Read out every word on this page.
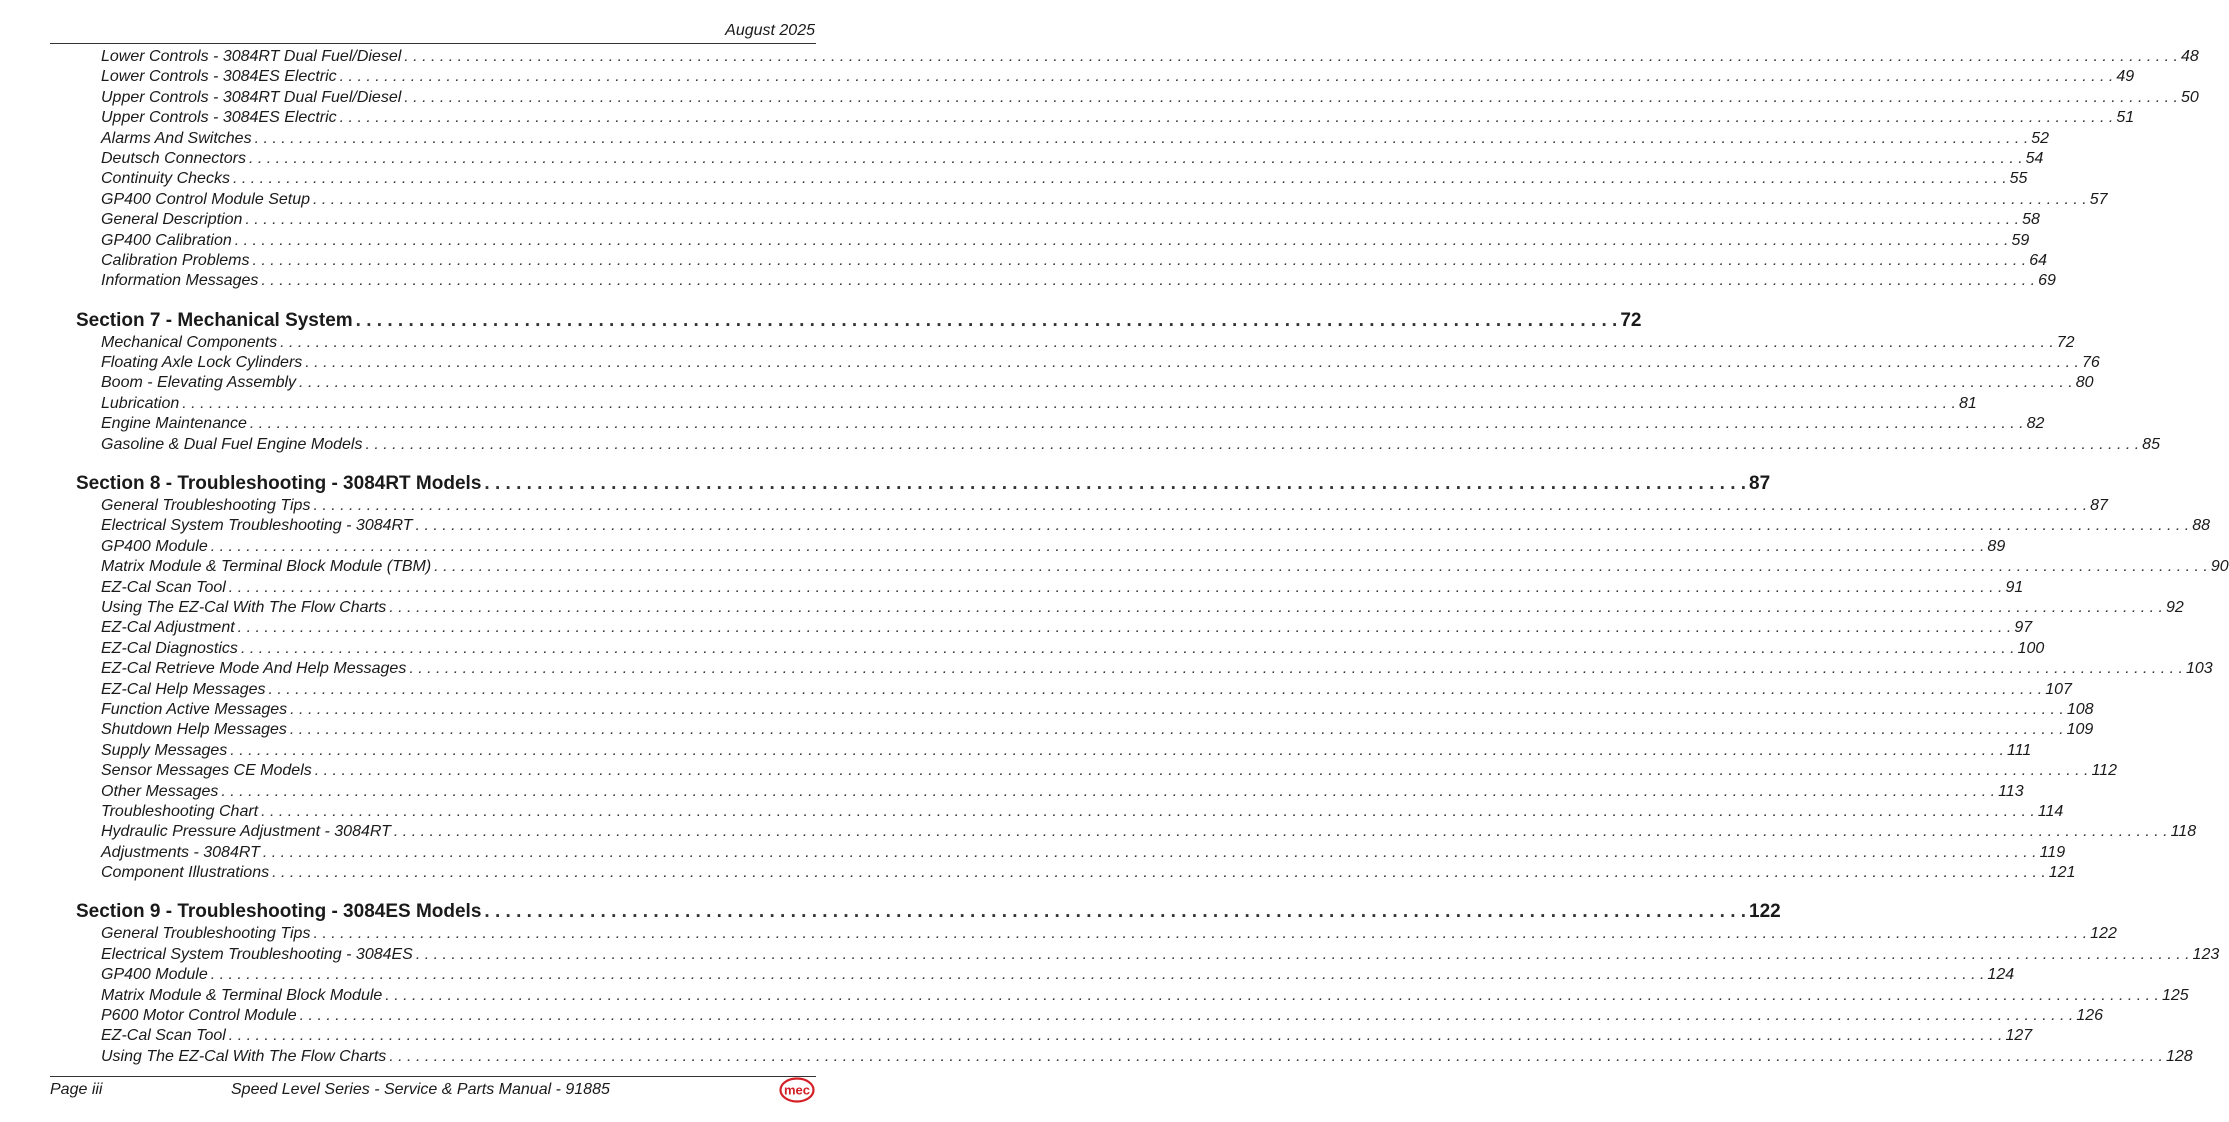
August 2025
Lower Controls - 3084RT Dual Fuel/Diesel . . . . . . . . . . . . . . . . . . . . . . . . . . . . . . . . . . . . . . . . . . . . . . . . . . . . . . . . . . . . . . . . . . . . . . . . . . . . . . . . . . . . . . . . . . . . . . . . . . . . . . . . . . . . . . . . . . . . . . . . . . . . . . . . . . . . . . . . . . . . . . . . . . . . . . . . . . . . . . . . . . . . . . . . . . . . . . . . . . . . . . . . . . . . . . . . . . . . . . . . 48
Lower Controls - 3084ES Electric . . . . . . . . . . . . . . . . . . . . . . . . . . . . . . . . . . . . . . . . . . . . . . . . . . . . . . . . . . . . . . . . . . . . . . . . . . . . . . . . . . . . . . . . . . . . . . . . . . . . . . . . . . . . . . . . . . . . . . . . . . . . . . . . . . . . . . . . . . . . . . . . . . . . . . . . . . . . . . . . . . . . . . . . . . . . . . . . . . . . . . . . . . . . . . . . . . . . . . . . 49
Upper Controls - 3084RT Dual Fuel/Diesel . . . . . . . . . . . . . . . . . . . . . . . . . . . . . . . . . . . . . . . . . . . . . . . . . . . . . . . . . . . . . . . . . . . . . . . . . . . . . . . . . . . . . . . . . . . . . . . . . . . . . . . . . . . . . . . . . . . . . . . . . . . . . . . . . . . . . . . . . . . . . . . . . . . . . . . . . . . . . . . . . . . . . . . . . . . . . . . . . . . . . . . . . . . . . . . . . . . . . . . . 50
Upper Controls - 3084ES Electric . . . . . . . . . . . . . . . . . . . . . . . . . . . . . . . . . . . . . . . . . . . . . . . . . . . . . . . . . . . . . . . . . . . . . . . . . . . . . . . . . . . . . . . . . . . . . . . . . . . . . . . . . . . . . . . . . . . . . . . . . . . . . . . . . . . . . . . . . . . . . . . . . . . . . . . . . . . . . . . . . . . . . . . . . . . . . . . . . . . . . . . . . . . . . . . . . . . . . . . . 51
Alarms And Switches . . . . . . . . . . . . . . . . . . . . . . . . . . . . . . . . . . . . . . . . . . . . . . . . . . . . . . . . . . . . . . . . . . . . . . . . . . . . . . . . . . . . . . . . . . . . . . . . . . . . . . . . . . . . . . . . . . . . . . . . . . . . . . . . . . . . . . . . . . . . . . . . . . . . . . . . . . . . . . . . . . . . . . . . . . . . . . . . . . . . . . . . . . . . . . . . . . . . . . . . 52
Deutsch Connectors . . . . . . . . . . . . . . . . . . . . . . . . . . . . . . . . . . . . . . . . . . . . . . . . . . . . . . . . . . . . . . . . . . . . . . . . . . . . . . . . . . . . . . . . . . . . . . . . . . . . . . . . . . . . . . . . . . . . . . . . . . . . . . . . . . . . . . . . . . . . . . . . . . . . . . . . . . . . . . . . . . . . . . . . . . . . . . . . . . . . . . . . . . . . . . . . . . . . . . . . 54
Continuity Checks . . . . . . . . . . . . . . . . . . . . . . . . . . . . . . . . . . . . . . . . . . . . . . . . . . . . . . . . . . . . . . . . . . . . . . . . . . . . . . . . . . . . . . . . . . . . . . . . . . . . . . . . . . . . . . . . . . . . . . . . . . . . . . . . . . . . . . . . . . . . . . . . . . . . . . . . . . . . . . . . . . . . . . . . . . . . . . . . . . . . . . . . . . . . . . . . . . . . . . . . 55
GP400 Control Module Setup . . . . . . . . . . . . . . . . . . . . . . . . . . . . . . . . . . . . . . . . . . . . . . . . . . . . . . . . . . . . . . . . . . . . . . . . . . . . . . . . . . . . . . . . . . . . . . . . . . . . . . . . . . . . . . . . . . . . . . . . . . . . . . . . . . . . . . . . . . . . . . . . . . . . . . . . . . . . . . . . . . . . . . . . . . . . . . . . . . . . . . . . . . . . . . . . . . . . . . . . 57
General Description . . . . . . . . . . . . . . . . . . . . . . . . . . . . . . . . . . . . . . . . . . . . . . . . . . . . . . . . . . . . . . . . . . . . . . . . . . . . . . . . . . . . . . . . . . . . . . . . . . . . . . . . . . . . . . . . . . . . . . . . . . . . . . . . . . . . . . . . . . . . . . . . . . . . . . . . . . . . . . . . . . . . . . . . . . . . . . . . . . . . . . . . . . . . . . . . . . . . . . . . 58
GP400 Calibration . . . . . . . . . . . . . . . . . . . . . . . . . . . . . . . . . . . . . . . . . . . . . . . . . . . . . . . . . . . . . . . . . . . . . . . . . . . . . . . . . . . . . . . . . . . . . . . . . . . . . . . . . . . . . . . . . . . . . . . . . . . . . . . . . . . . . . . . . . . . . . . . . . . . . . . . . . . . . . . . . . . . . . . . . . . . . . . . . . . . . . . . . . . . . . . . . . . . . . . . 59
Calibration Problems . . . . . . . . . . . . . . . . . . . . . . . . . . . . . . . . . . . . . . . . . . . . . . . . . . . . . . . . . . . . . . . . . . . . . . . . . . . . . . . . . . . . . . . . . . . . . . . . . . . . . . . . . . . . . . . . . . . . . . . . . . . . . . . . . . . . . . . . . . . . . . . . . . . . . . . . . . . . . . . . . . . . . . . . . . . . . . . . . . . . . . . . . . . . . . . . . . . . . . . . 64
Information Messages . . . . . . . . . . . . . . . . . . . . . . . . . . . . . . . . . . . . . . . . . . . . . . . . . . . . . . . . . . . . . . . . . . . . . . . . . . . . . . . . . . . . . . . . . . . . . . . . . . . . . . . . . . . . . . . . . . . . . . . . . . . . . . . . . . . . . . . . . . . . . . . . . . . . . . . . . . . . . . . . . . . . . . . . . . . . . . . . . . . . . . . . . . . . . . . . . . . . . . . . 69
Section 7 - Mechanical System . . . . . . . . . . . . . . . . . . . . . . . . . . . . . . . . . . . . . . . . . . . . . . . . . . . . . . . . . . . . . . . . . . . . . . . . . . . . . . . . . . . . . . . . . . . . . . . . . . . . . . . . . . . . . . . . . . . . . . . . 72
Mechanical Components . . . . . . . . . . . . . . . . . . . . . . . . . . . . . . . . . . . . . . . . . . . . . . . . . . . . . . . . . . . . . . . . . . . . . . . . . . . . . . . . . . . . . . . . . . . . . . . . . . . . . . . . . . . . . . . . . . . . . . . . . . . . . . . . . . . . . . . . . . . . . . . . . . . . . . . . . . . . . . . . . . . . . . . . . . . . . . . . . . . . . . . . . . . . . . . . . . . . . . . . 72
Floating Axle Lock Cylinders . . . . . . . . . . . . . . . . . . . . . . . . . . . . . . . . . . . . . . . . . . . . . . . . . . . . . . . . . . . . . . . . . . . . . . . . . . . . . . . . . . . . . . . . . . . . . . . . . . . . . . . . . . . . . . . . . . . . . . . . . . . . . . . . . . . . . . . . . . . . . . . . . . . . . . . . . . . . . . . . . . . . . . . . . . . . . . . . . . . . . . . . . . . . . . . . . . . . . . . . 76
Boom - Elevating Assembly . . . . . . . . . . . . . . . . . . . . . . . . . . . . . . . . . . . . . . . . . . . . . . . . . . . . . . . . . . . . . . . . . . . . . . . . . . . . . . . . . . . . . . . . . . . . . . . . . . . . . . . . . . . . . . . . . . . . . . . . . . . . . . . . . . . . . . . . . . . . . . . . . . . . . . . . . . . . . . . . . . . . . . . . . . . . . . . . . . . . . . . . . . . . . . . . . . . . . . . . 80
Lubrication . . . . . . . . . . . . . . . . . . . . . . . . . . . . . . . . . . . . . . . . . . . . . . . . . . . . . . . . . . . . . . . . . . . . . . . . . . . . . . . . . . . . . . . . . . . . . . . . . . . . . . . . . . . . . . . . . . . . . . . . . . . . . . . . . . . . . . . . . . . . . . . . . . . . . . . . . . . . . . . . . . . . . . . . . . . . . . . . . . . . . . . . . . . . . . . . . . . . . . . . 81
Engine Maintenance . . . . . . . . . . . . . . . . . . . . . . . . . . . . . . . . . . . . . . . . . . . . . . . . . . . . . . . . . . . . . . . . . . . . . . . . . . . . . . . . . . . . . . . . . . . . . . . . . . . . . . . . . . . . . . . . . . . . . . . . . . . . . . . . . . . . . . . . . . . . . . . . . . . . . . . . . . . . . . . . . . . . . . . . . . . . . . . . . . . . . . . . . . . . . . . . . . . . . . . . 82
Gasoline & Dual Fuel Engine Models . . . . . . . . . . . . . . . . . . . . . . . . . . . . . . . . . . . . . . . . . . . . . . . . . . . . . . . . . . . . . . . . . . . . . . . . . . . . . . . . . . . . . . . . . . . . . . . . . . . . . . . . . . . . . . . . . . . . . . . . . . . . . . . . . . . . . . . . . . . . . . . . . . . . . . . . . . . . . . . . . . . . . . . . . . . . . . . . . . . . . . . . . . . . . . . . . . . . . . . . 85
Section 8 - Troubleshooting - 3084RT Models . . . . . . . . . . . . . . . . . . . . . . . . . . . . . . . . . . . . . . . . . . . . . . . . . . . . . . . . . . . . . . . . . . . . . . . . . . . . . . . . . . . . . . . . . . . . . . . . . . . . . . . . . . . . . . . . . . . . . . . . 87
General Troubleshooting Tips . . . . . . . . . . . . . . . . . . . . . . . . . . . . . . . . . . . . . . . . . . . . . . . . . . . . . . . . . . . . . . . . . . . . . . . . . . . . . . . . . . . . . . . . . . . . . . . . . . . . . . . . . . . . . . . . . . . . . . . . . . . . . . . . . . . . . . . . . . . . . . . . . . . . . . . . . . . . . . . . . . . . . . . . . . . . . . . . . . . . . . . . . . . . . . . . . . . . . . . . 87
Electrical System Troubleshooting - 3084RT . . . . . . . . . . . . . . . . . . . . . . . . . . . . . . . . . . . . . . . . . . . . . . . . . . . . . . . . . . . . . . . . . . . . . . . . . . . . . . . . . . . . . . . . . . . . . . . . . . . . . . . . . . . . . . . . . . . . . . . . . . . . . . . . . . . . . . . . . . . . . . . . . . . . . . . . . . . . . . . . . . . . . . . . . . . . . . . . . . . . . . . . . . . . . . . . . . . . . . . . 88
GP400 Module . . . . . . . . . . . . . . . . . . . . . . . . . . . . . . . . . . . . . . . . . . . . . . . . . . . . . . . . . . . . . . . . . . . . . . . . . . . . . . . . . . . . . . . . . . . . . . . . . . . . . . . . . . . . . . . . . . . . . . . . . . . . . . . . . . . . . . . . . . . . . . . . . . . . . . . . . . . . . . . . . . . . . . . . . . . . . . . . . . . . . . . . . . . . . . . . . . . . . . . . 89
Matrix Module & Terminal Block Module (TBM) . . . . . . . . . . . . . . . . . . . . . . . . . . . . . . . . . . . . . . . . . . . . . . . . . . . . . . . . . . . . . . . . . . . . . . . . . . . . . . . . . . . . . . . . . . . . . . . . . . . . . . . . . . . . . . . . . . . . . . . . . . . . . . . . . . . . . . . . . . . . . . . . . . . . . . . . . . . . . . . . . . . . . . . . . . . . . . . . . . . . . . . . . . . . . . . . . . . . . . . . 90
EZ-Cal Scan Tool . . . . . . . . . . . . . . . . . . . . . . . . . . . . . . . . . . . . . . . . . . . . . . . . . . . . . . . . . . . . . . . . . . . . . . . . . . . . . . . . . . . . . . . . . . . . . . . . . . . . . . . . . . . . . . . . . . . . . . . . . . . . . . . . . . . . . . . . . . . . . . . . . . . . . . . . . . . . . . . . . . . . . . . . . . . . . . . . . . . . . . . . . . . . . . . . . . . . . . . . 91
Using The EZ-Cal With The Flow Charts . . . . . . . . . . . . . . . . . . . . . . . . . . . . . . . . . . . . . . . . . . . . . . . . . . . . . . . . . . . . . . . . . . . . . . . . . . . . . . . . . . . . . . . . . . . . . . . . . . . . . . . . . . . . . . . . . . . . . . . . . . . . . . . . . . . . . . . . . . . . . . . . . . . . . . . . . . . . . . . . . . . . . . . . . . . . . . . . . . . . . . . . . . . . . . . . . . . . . . . . 92
EZ-Cal Adjustment . . . . . . . . . . . . . . . . . . . . . . . . . . . . . . . . . . . . . . . . . . . . . . . . . . . . . . . . . . . . . . . . . . . . . . . . . . . . . . . . . . . . . . . . . . . . . . . . . . . . . . . . . . . . . . . . . . . . . . . . . . . . . . . . . . . . . . . . . . . . . . . . . . . . . . . . . . . . . . . . . . . . . . . . . . . . . . . . . . . . . . . . . . . . . . . . . . . . . . . . 97
EZ-Cal Diagnostics . . . . . . . . . . . . . . . . . . . . . . . . . . . . . . . . . . . . . . . . . . . . . . . . . . . . . . . . . . . . . . . . . . . . . . . . . . . . . . . . . . . . . . . . . . . . . . . . . . . . . . . . . . . . . . . . . . . . . . . . . . . . . . . . . . . . . . . . . . . . . . . . . . . . . . . . . . . . . . . . . . . . . . . . . . . . . . . . . . . . . . . . . . . . . . . . . . . . . . . . 100
EZ-Cal Retrieve Mode And Help Messages . . . . . . . . . . . . . . . . . . . . . . . . . . . . . . . . . . . . . . . . . . . . . . . . . . . . . . . . . . . . . . . . . . . . . . . . . . . . . . . . . . . . . . . . . . . . . . . . . . . . . . . . . . . . . . . . . . . . . . . . . . . . . . . . . . . . . . . . . . . . . . . . . . . . . . . . . . . . . . . . . . . . . . . . . . . . . . . . . . . . . . . . . . . . . . . . . . . . . . . . 103
EZ-Cal Help Messages . . . . . . . . . . . . . . . . . . . . . . . . . . . . . . . . . . . . . . . . . . . . . . . . . . . . . . . . . . . . . . . . . . . . . . . . . . . . . . . . . . . . . . . . . . . . . . . . . . . . . . . . . . . . . . . . . . . . . . . . . . . . . . . . . . . . . . . . . . . . . . . . . . . . . . . . . . . . . . . . . . . . . . . . . . . . . . . . . . . . . . . . . . . . . . . . . . . . . . . . 107
Function Active Messages . . . . . . . . . . . . . . . . . . . . . . . . . . . . . . . . . . . . . . . . . . . . . . . . . . . . . . . . . . . . . . . . . . . . . . . . . . . . . . . . . . . . . . . . . . . . . . . . . . . . . . . . . . . . . . . . . . . . . . . . . . . . . . . . . . . . . . . . . . . . . . . . . . . . . . . . . . . . . . . . . . . . . . . . . . . . . . . . . . . . . . . . . . . . . . . . . . . . . . . . 108
Shutdown Help Messages . . . . . . . . . . . . . . . . . . . . . . . . . . . . . . . . . . . . . . . . . . . . . . . . . . . . . . . . . . . . . . . . . . . . . . . . . . . . . . . . . . . . . . . . . . . . . . . . . . . . . . . . . . . . . . . . . . . . . . . . . . . . . . . . . . . . . . . . . . . . . . . . . . . . . . . . . . . . . . . . . . . . . . . . . . . . . . . . . . . . . . . . . . . . . . . . . . . . . . . . 109
Supply Messages . . . . . . . . . . . . . . . . . . . . . . . . . . . . . . . . . . . . . . . . . . . . . . . . . . . . . . . . . . . . . . . . . . . . . . . . . . . . . . . . . . . . . . . . . . . . . . . . . . . . . . . . . . . . . . . . . . . . . . . . . . . . . . . . . . . . . . . . . . . . . . . . . . . . . . . . . . . . . . . . . . . . . . . . . . . . . . . . . . . . . . . . . . . . . . . . . . . . . . . . 111
Sensor Messages CE Models . . . . . . . . . . . . . . . . . . . . . . . . . . . . . . . . . . . . . . . . . . . . . . . . . . . . . . . . . . . . . . . . . . . . . . . . . . . . . . . . . . . . . . . . . . . . . . . . . . . . . . . . . . . . . . . . . . . . . . . . . . . . . . . . . . . . . . . . . . . . . . . . . . . . . . . . . . . . . . . . . . . . . . . . . . . . . . . . . . . . . . . . . . . . . . . . . . . . . . . . 112
Other Messages . . . . . . . . . . . . . . . . . . . . . . . . . . . . . . . . . . . . . . . . . . . . . . . . . . . . . . . . . . . . . . . . . . . . . . . . . . . . . . . . . . . . . . . . . . . . . . . . . . . . . . . . . . . . . . . . . . . . . . . . . . . . . . . . . . . . . . . . . . . . . . . . . . . . . . . . . . . . . . . . . . . . . . . . . . . . . . . . . . . . . . . . . . . . . . . . . . . . . . . . 113
Troubleshooting Chart . . . . . . . . . . . . . . . . . . . . . . . . . . . . . . . . . . . . . . . . . . . . . . . . . . . . . . . . . . . . . . . . . . . . . . . . . . . . . . . . . . . . . . . . . . . . . . . . . . . . . . . . . . . . . . . . . . . . . . . . . . . . . . . . . . . . . . . . . . . . . . . . . . . . . . . . . . . . . . . . . . . . . . . . . . . . . . . . . . . . . . . . . . . . . . . . . . . . . . . . 114
Hydraulic Pressure Adjustment - 3084RT . . . . . . . . . . . . . . . . . . . . . . . . . . . . . . . . . . . . . . . . . . . . . . . . . . . . . . . . . . . . . . . . . . . . . . . . . . . . . . . . . . . . . . . . . . . . . . . . . . . . . . . . . . . . . . . . . . . . . . . . . . . . . . . . . . . . . . . . . . . . . . . . . . . . . . . . . . . . . . . . . . . . . . . . . . . . . . . . . . . . . . . . . . . . . . . . . . . . . . . . 118
Adjustments - 3084RT . . . . . . . . . . . . . . . . . . . . . . . . . . . . . . . . . . . . . . . . . . . . . . . . . . . . . . . . . . . . . . . . . . . . . . . . . . . . . . . . . . . . . . . . . . . . . . . . . . . . . . . . . . . . . . . . . . . . . . . . . . . . . . . . . . . . . . . . . . . . . . . . . . . . . . . . . . . . . . . . . . . . . . . . . . . . . . . . . . . . . . . . . . . . . . . . . . . . . . . . 119
Component Illustrations . . . . . . . . . . . . . . . . . . . . . . . . . . . . . . . . . . . . . . . . . . . . . . . . . . . . . . . . . . . . . . . . . . . . . . . . . . . . . . . . . . . . . . . . . . . . . . . . . . . . . . . . . . . . . . . . . . . . . . . . . . . . . . . . . . . . . . . . . . . . . . . . . . . . . . . . . . . . . . . . . . . . . . . . . . . . . . . . . . . . . . . . . . . . . . . . . . . . . . . . 121
Section 9 - Troubleshooting - 3084ES Models . . . . . . . . . . . . . . . . . . . . . . . . . . . . . . . . . . . . . . . . . . . . . . . . . . . . . . . . . . . . . . . . . . . . . . . . . . . . . . . . . . . . . . . . . . . . . . . . . . . . . . . . . . . . . . . . . . . . . . . . 122
General Troubleshooting Tips . . . . . . . . . . . . . . . . . . . . . . . . . . . . . . . . . . . . . . . . . . . . . . . . . . . . . . . . . . . . . . . . . . . . . . . . . . . . . . . . . . . . . . . . . . . . . . . . . . . . . . . . . . . . . . . . . . . . . . . . . . . . . . . . . . . . . . . . . . . . . . . . . . . . . . . . . . . . . . . . . . . . . . . . . . . . . . . . . . . . . . . . . . . . . . . . . . . . . . . . 122
Electrical System Troubleshooting - 3084ES . . . . . . . . . . . . . . . . . . . . . . . . . . . . . . . . . . . . . . . . . . . . . . . . . . . . . . . . . . . . . . . . . . . . . . . . . . . . . . . . . . . . . . . . . . . . . . . . . . . . . . . . . . . . . . . . . . . . . . . . . . . . . . . . . . . . . . . . . . . . . . . . . . . . . . . . . . . . . . . . . . . . . . . . . . . . . . . . . . . . . . . . . . . . . . . . . . . . . . . . 123
GP400 Module . . . . . . . . . . . . . . . . . . . . . . . . . . . . . . . . . . . . . . . . . . . . . . . . . . . . . . . . . . . . . . . . . . . . . . . . . . . . . . . . . . . . . . . . . . . . . . . . . . . . . . . . . . . . . . . . . . . . . . . . . . . . . . . . . . . . . . . . . . . . . . . . . . . . . . . . . . . . . . . . . . . . . . . . . . . . . . . . . . . . . . . . . . . . . . . . . . . . . . . . 124
Matrix Module & Terminal Block Module . . . . . . . . . . . . . . . . . . . . . . . . . . . . . . . . . . . . . . . . . . . . . . . . . . . . . . . . . . . . . . . . . . . . . . . . . . . . . . . . . . . . . . . . . . . . . . . . . . . . . . . . . . . . . . . . . . . . . . . . . . . . . . . . . . . . . . . . . . . . . . . . . . . . . . . . . . . . . . . . . . . . . . . . . . . . . . . . . . . . . . . . . . . . . . . . . . . . . . . . 125
P600 Motor Control Module . . . . . . . . . . . . . . . . . . . . . . . . . . . . . . . . . . . . . . . . . . . . . . . . . . . . . . . . . . . . . . . . . . . . . . . . . . . . . . . . . . . . . . . . . . . . . . . . . . . . . . . . . . . . . . . . . . . . . . . . . . . . . . . . . . . . . . . . . . . . . . . . . . . . . . . . . . . . . . . . . . . . . . . . . . . . . . . . . . . . . . . . . . . . . . . . . . . . . . . . 126
EZ-Cal Scan Tool . . . . . . . . . . . . . . . . . . . . . . . . . . . . . . . . . . . . . . . . . . . . . . . . . . . . . . . . . . . . . . . . . . . . . . . . . . . . . . . . . . . . . . . . . . . . . . . . . . . . . . . . . . . . . . . . . . . . . . . . . . . . . . . . . . . . . . . . . . . . . . . . . . . . . . . . . . . . . . . . . . . . . . . . . . . . . . . . . . . . . . . . . . . . . . . . . . . . . . . . 127
Using The EZ-Cal With The Flow Charts . . . . . . . . . . . . . . . . . . . . . . . . . . . . . . . . . . . . . . . . . . . . . . . . . . . . . . . . . . . . . . . . . . . . . . . . . . . . . . . . . . . . . . . . . . . . . . . . . . . . . . . . . . . . . . . . . . . . . . . . . . . . . . . . . . . . . . . . . . . . . . . . . . . . . . . . . . . . . . . . . . . . . . . . . . . . . . . . . . . . . . . . . . . . . . . . . . . . . . . . 128
Page iii	Speed Level Series - Service & Parts Manual - 91885	mec
